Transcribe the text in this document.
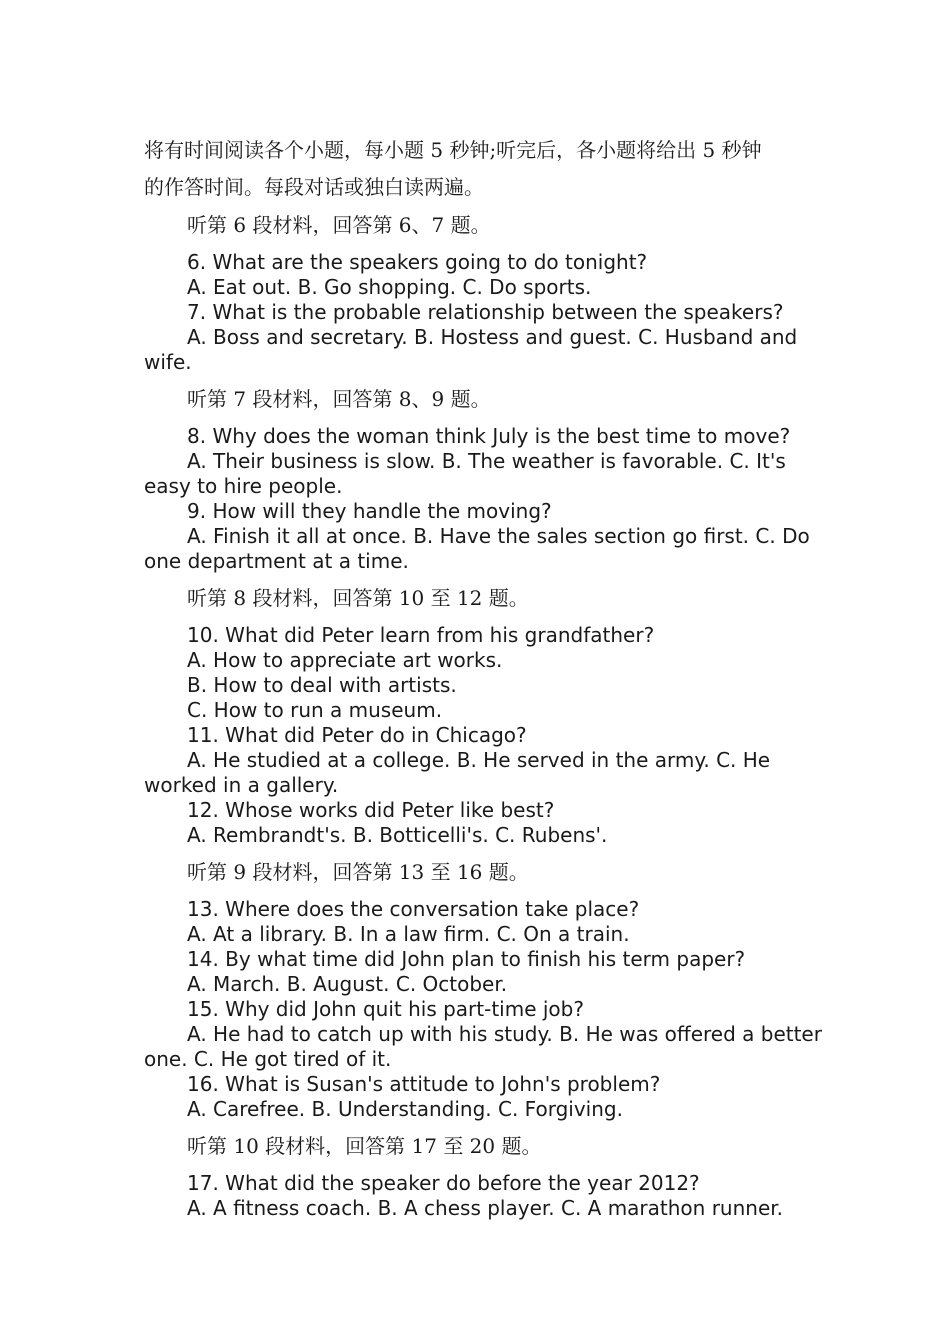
将有时间阅读各个小题，每小题 5 秒钟;听完后，各小题将给出 5 秒钟
的作答时间。每段对话或独白读两遍。
听第 6 段材料，回答第 6、7 题。
6. What are the speakers going to do tonight?
A. Eat out. B. Go shopping. C. Do sports.
7. What is the probable relationship between the speakers?
A. Boss and secretary. B. Hostess and guest. C. Husband and
wife.
听第 7 段材料，回答第 8、9 题。
8. Why does the woman think July is the best time to move?
A. Their business is slow. B. The weather is favorable. C. It's
easy to hire people.
9. How will they handle the moving?
A. Finish it all at once. B. Have the sales section go first. C. Do
one department at a time.
听第 8 段材料，回答第 10 至 12 题。
10. What did Peter learn from his grandfather?
A. How to appreciate art works.
B. How to deal with artists.
C. How to run a museum.
11. What did Peter do in Chicago?
A. He studied at a college. B. He served in the army. C. He
worked in a gallery.
12. Whose works did Peter like best?
A. Rembrandt's. B. Botticelli's. C. Rubens'.
听第 9 段材料，回答第 13 至 16 题。
13. Where does the conversation take place?
A. At a library. B. In a law firm. C. On a train.
14. By what time did John plan to finish his term paper?
A. March. B. August. C. October.
15. Why did John quit his part-time job?
A. He had to catch up with his study. B. He was offered a better
one. C. He got tired of it.
16. What is Susan's attitude to John's problem?
A. Carefree. B. Understanding. C. Forgiving.
听第 10 段材料，回答第 17 至 20 题。
17. What did the speaker do before the year 2012?
A. A fitness coach. B. A chess player. C. A marathon runner.
